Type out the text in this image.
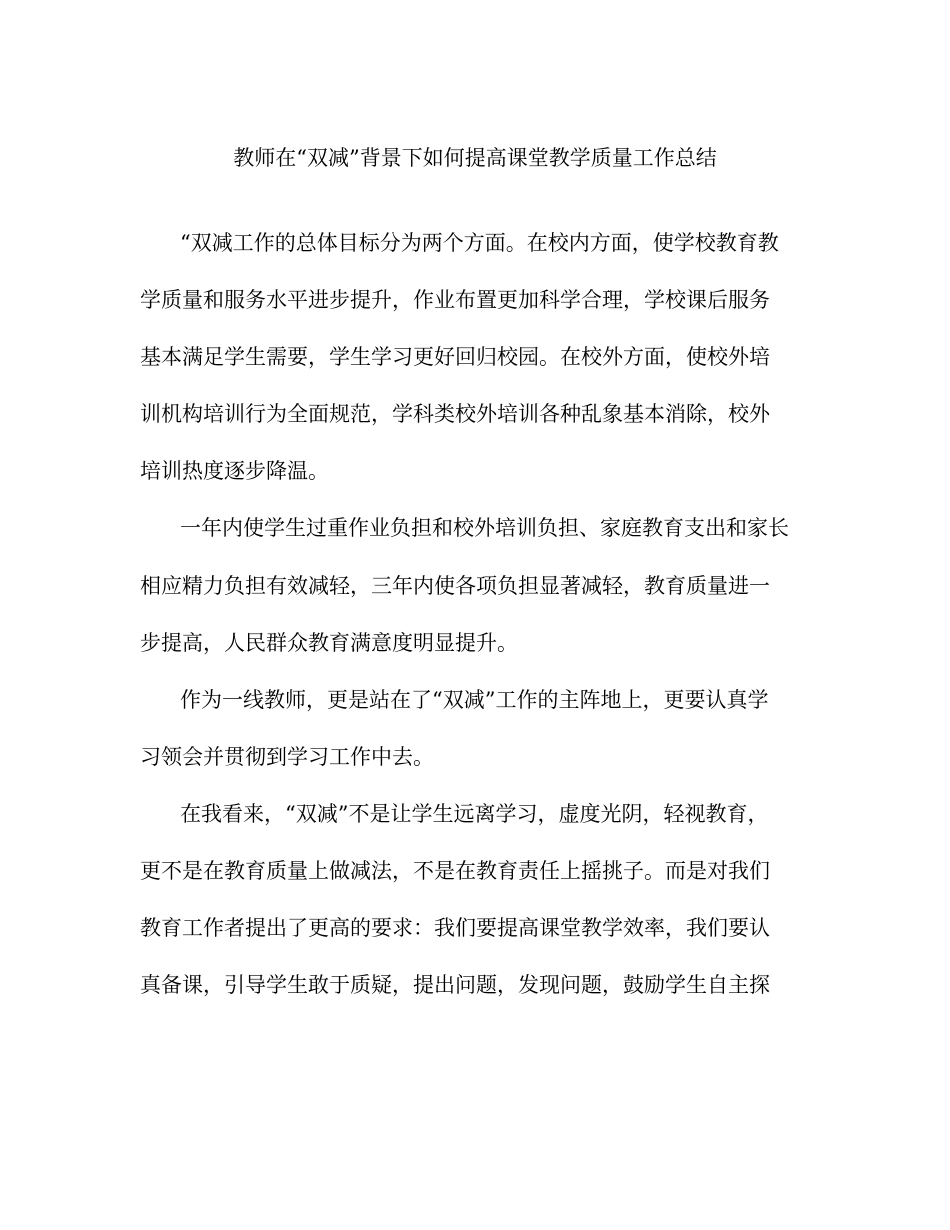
教师在“双减”背景下如何提高课堂教学质量工作总结

“双减工作的总体目标分为两个方面。在校内方面，使学校教育教

学质量和服务水平进步提升，作业布置更加科学合理，学校课后服务

基本满足学生需要，学生学习更好回归校园。在校外方面，使校外培

训机构培训行为全面规范，学科类校外培训各种乱象基本消除，校外

培训热度逐步降温。

一年内使学生过重作业负担和校外培训负担、家庭教育支出和家长

相应精力负担有效减轻，三年内使各项负担显著减轻，教育质量进一

步提高，人民群众教育满意度明显提升。

作为一线教师，更是站在了“双减”工作的主阵地上，更要认真学

习领会并贯彻到学习工作中去。

在我看来，“双减”不是让学生远离学习，虚度光阴，轻视教育，

更不是在教育质量上做减法，不是在教育责任上摇挑子。而是对我们

教育工作者提出了更高的要求：我们要提高课堂教学效率，我们要认

真备课，引导学生敢于质疑，提出问题，发现问题，鼓励学生自主探
